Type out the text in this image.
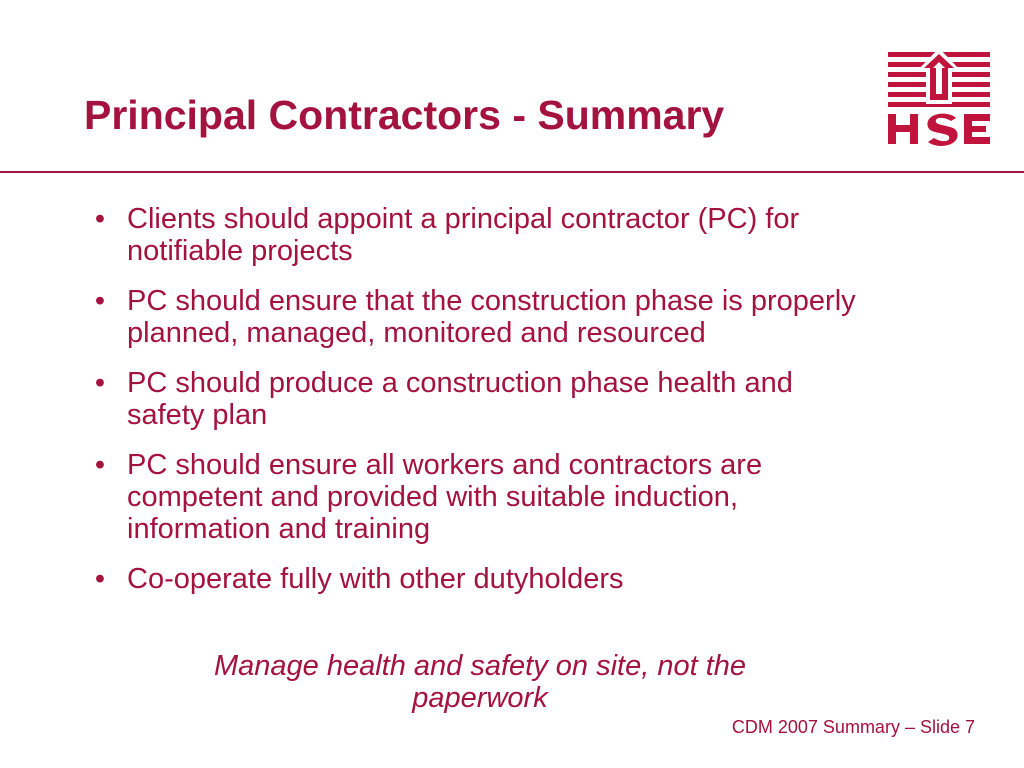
Principal Contractors - Summary
• Clients should appoint a principal contractor (PC) for notifiable projects
• PC should ensure that the construction phase is properly planned, managed, monitored and resourced
• PC should produce a construction phase health and safety plan
• PC should ensure all workers and contractors are competent and provided with suitable induction, information and training
• Co-operate fully with other dutyholders

Manage health and safety on site, not the paperwork

CDM 2007 Summary – Slide 7
